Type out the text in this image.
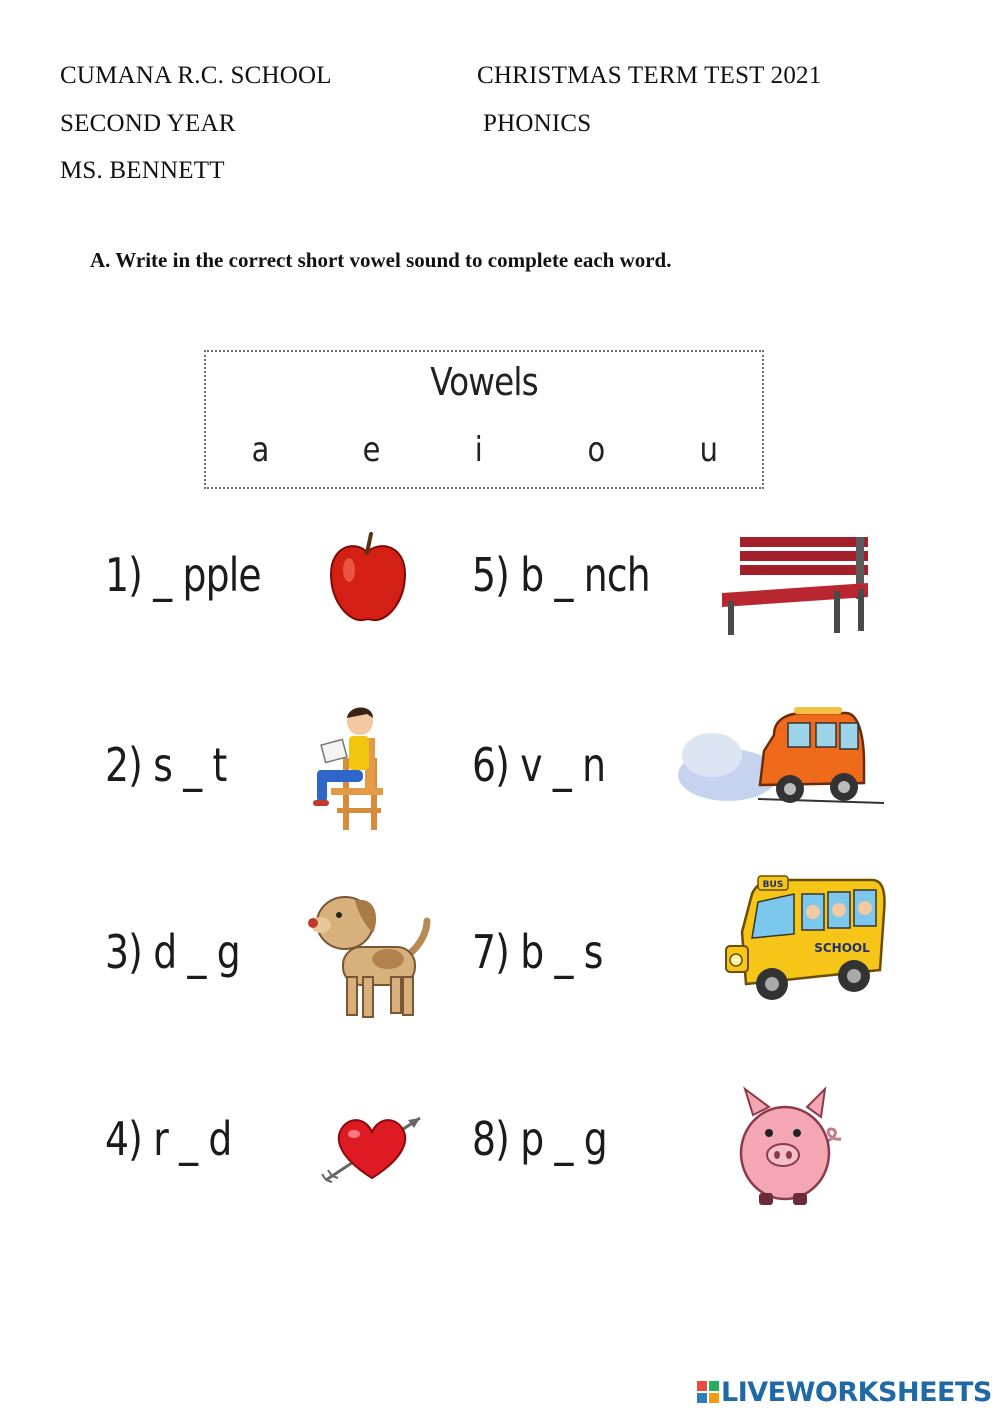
CUMANA R.C. SCHOOL	CHRISTMAS TERM TEST 2021
SECOND YEAR	PHONICS
MS. BENNETT
A. Write in the correct short vowel sound to complete each word.
Vowels
a	e	i	o	u
1) _ pple
2) s _ t
3) d _ g
4) r _ d
5) b _ nch
6) v _ n
7) b _ s
8) p _ g
BUS
SCHOOL
LIVEWORKSHEETS
